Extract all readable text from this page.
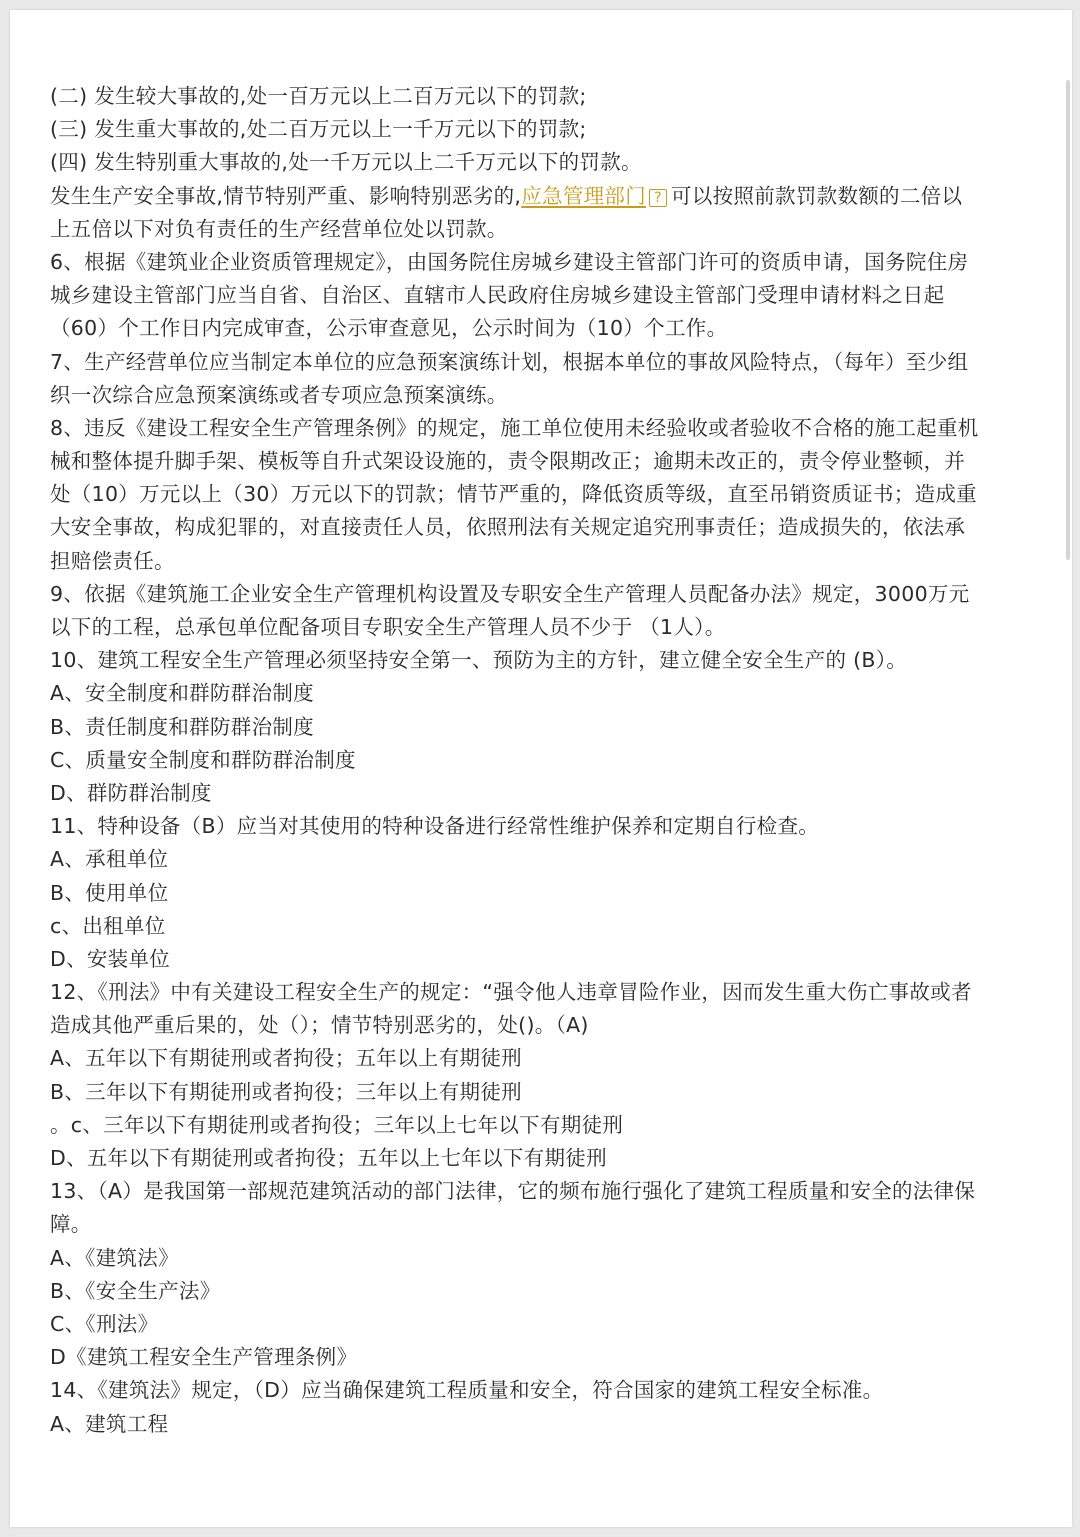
(二) 发生较大事故的,处一百万元以上二百万元以下的罚款;
(三) 发生重大事故的,处二百万元以上一千万元以下的罚款;
(四) 发生特别重大事故的,处一千万元以上二千万元以下的罚款。
发生生产安全事故,情节特别严重、影响特别恶劣的,应急管理部门 ? 可以按照前款罚款数额的二倍以
上五倍以下对负有责任的生产经营单位处以罚款。
6、根据《建筑业企业资质管理规定》，由国务院住房城乡建设主管部门许可的资质申请，国务院住房
城乡建设主管部门应当自省、自治区、直辖市人民政府住房城乡建设主管部门受理申请材料之日起
（60）个工作日内完成审查，公示审查意见，公示时间为（10）个工作。
7、生产经营单位应当制定本单位的应急预案演练计划，根据本单位的事故风险特点，（每年）至少组
织一次综合应急预案演练或者专项应急预案演练。
8、违反《建设工程安全生产管理条例》的规定，施工单位使用未经验收或者验收不合格的施工起重机
械和整体提升脚手架、模板等自升式架设设施的，责令限期改正；逾期未改正的，责令停业整顿，并
处（10）万元以上（30）万元以下的罚款；情节严重的，降低资质等级，直至吊销资质证书；造成重
大安全事故，构成犯罪的，对直接责任人员，依照刑法有关规定追究刑事责任；造成损失的，依法承
担赔偿责任。
9、依据《建筑施工企业安全生产管理机构设置及专职安全生产管理人员配备办法》规定，3000万元
以下的工程，总承包单位配备项目专职安全生产管理人员不少于 （1人）。
10、建筑工程安全生产管理必须坚持安全第一、预防为主的方针，建立健全安全生产的 (B）。
A、安全制度和群防群治制度
B、责任制度和群防群治制度
C、质量安全制度和群防群治制度
D、群防群治制度
11、特种设备（B）应当对其使用的特种设备进行经常性维护保养和定期自行检查。
A、承租单位
B、使用单位
c、出租单位
D、安装单位
12、《刑法》中有关建设工程安全生产的规定：“强令他人违章冒险作业，因而发生重大伤亡事故或者
造成其他严重后果的，处（）；情节特别恶劣的，处()。（A)
A、五年以下有期徒刑或者拘役；五年以上有期徒刑
B、三年以下有期徒刑或者拘役；三年以上有期徒刑
。c、三年以下有期徒刑或者拘役；三年以上七年以下有期徒刑
D、五年以下有期徒刑或者拘役；五年以上七年以下有期徒刑
13、（A）是我国第一部规范建筑活动的部门法律，它的频布施行强化了建筑工程质量和安全的法律保
障。
A、《建筑法》
B、《安全生产法》
C、《刑法》
D《建筑工程安全生产管理条例》
14、《建筑法》规定，（D）应当确保建筑工程质量和安全，符合国家的建筑工程安全标准。
A、建筑工程
